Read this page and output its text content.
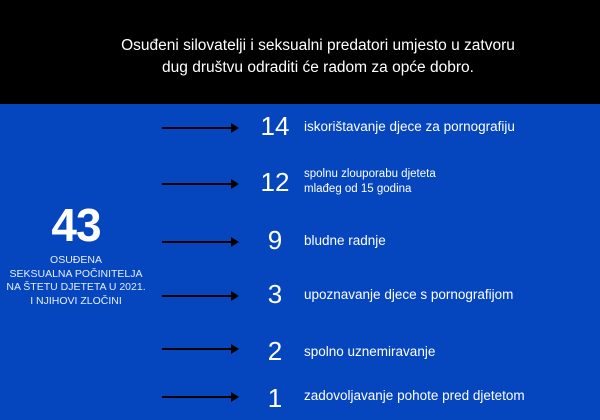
Osuđeni silovatelji i seksualni predatori umjesto u zatvoru
dug društvu odraditi će radom za opće dobro.
43
OSUĐENA
SEKSUALNA POČINITELJA
NA ŠTETU DJETETA U 2021.
I NJIHOVI ZLOČINI
14	iskorištavanje djece za pornografiju
12	spolnu zlouporabu djeteta
mlađeg od 15 godina
9	bludne radnje
3	upoznavanje djece s pornografijom
2	spolno uznemiravanje
1	zadovoljavanje pohote pred djetetom
